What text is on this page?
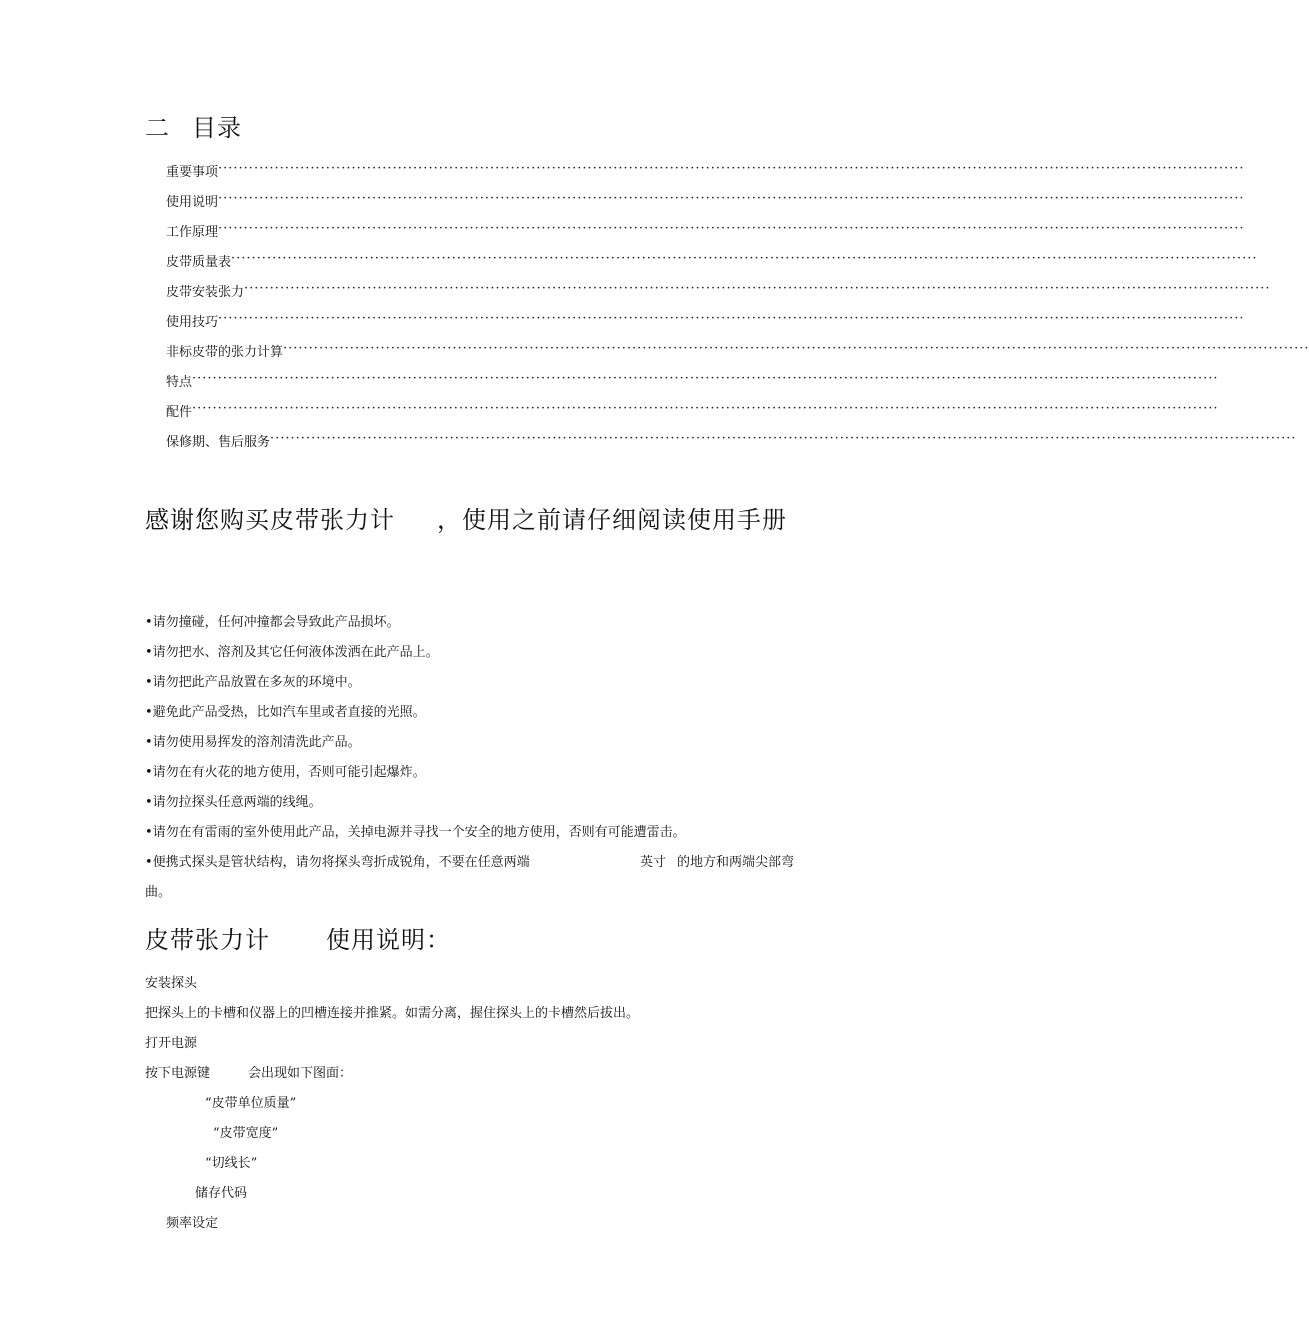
二 目录
重要事项 ········································································································································································································
使用说明 ········································································································································································································
工作原理 ········································································································································································································
皮带质量表 ········································································································································································································
皮带安装张力 ········································································································································································································
使用技巧 ········································································································································································································
非标皮带的张力计算 ········································································································································································································
特点 ········································································································································································································
配件 ········································································································································································································
保修期、售后服务 ········································································································································································································
感谢您购买皮带张力计 ，使用之前请仔细阅读使用手册
•请勿撞碰，任何冲撞都会导致此产品损坏。
•请勿把水、溶剂及其它任何液体泼洒在此产品上。
•请勿把此产品放置在多灰的环境中。
•避免此产品受热，比如汽车里或者直接的光照。
•请勿使用易挥发的溶剂清洗此产品。
•请勿在有火花的地方使用，否则可能引起爆炸。
•请勿拉探头任意两端的线绳。
•请勿在有雷雨的室外使用此产品，关掉电源并寻找一个安全的地方使用，否则有可能遭雷击。
•便携式探头是管状结构，请勿将探头弯折成锐角，不要在任意两端	英寸 的地方和两端尖部弯
曲。
皮带张力计 使用说明：
安装探头
把探头上的卡槽和仪器上的凹槽连接并推紧。如需分离，握住探头上的卡槽然后拔出。
打开电源
按下电源键	会出现如下图面：
“皮带单位质量”
“皮带宽度”
“切线长”
储存代码
频率设定
